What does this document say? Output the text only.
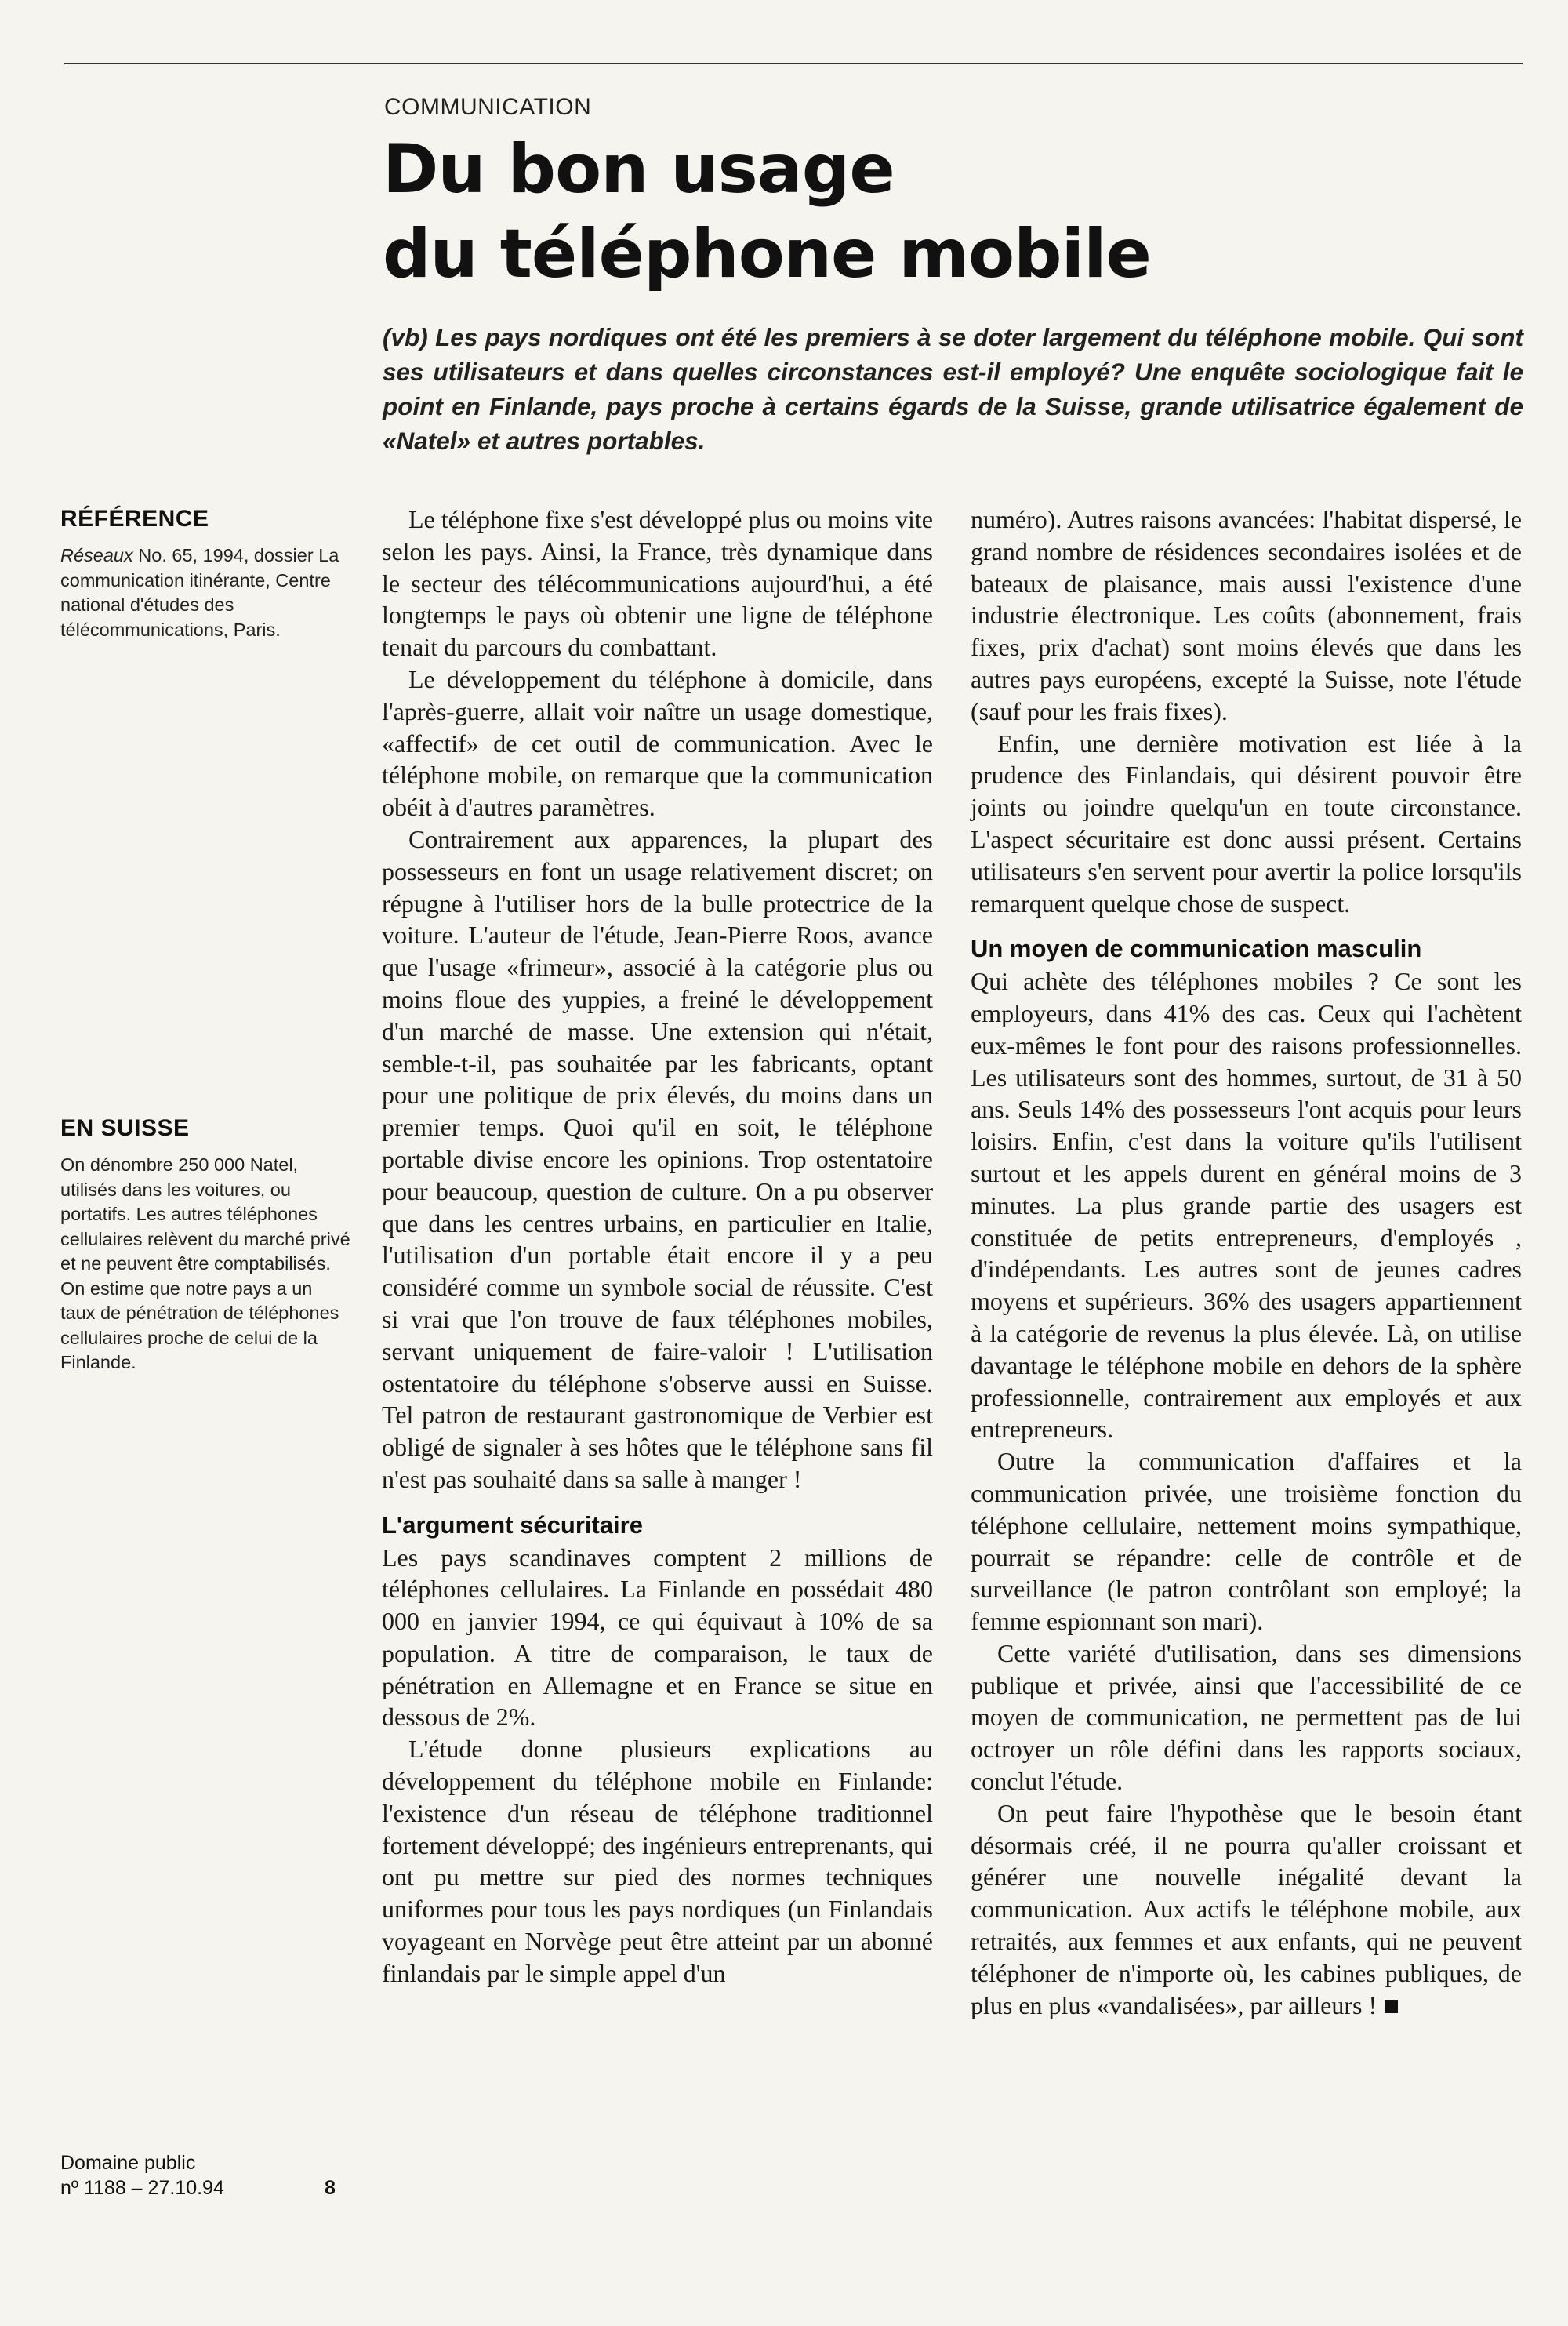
COMMUNICATION
Du bon usage
du téléphone mobile

(vb) Les pays nordiques ont été les premiers à se doter largement du téléphone mobile. Qui sont ses utilisateurs et dans quelles circonstances est-il employé? Une enquête sociologique fait le point en Finlande, pays proche à certains égards de la Suisse, grande utilisatrice également de «Natel» et autres portables.

RÉFÉRENCE

Réseaux No. 65, 1994, dossier La communication itinérante, Centre national d'études des télécommunications, Paris.

EN SUISSE

On dénombre 250 000 Natel, utilisés dans les voitures, ou portatifs. Les autres téléphones cellulaires relèvent du marché privé et ne peuvent être comptabilisés. On estime que notre pays a un taux de pénétration de téléphones cellulaires proche de celui de la Finlande.

Domaine public
nº 1188 – 27.10.94	8

Le téléphone fixe s'est développé plus ou moins vite selon les pays. Ainsi, la France, très dynamique dans le secteur des télécommunications aujourd'hui, a été longtemps le pays où obtenir une ligne de téléphone tenait du parcours du combattant.

Le développement du téléphone à domicile, dans l'après-guerre, allait voir naître un usage domestique, «affectif» de cet outil de communication. Avec le téléphone mobile, on remarque que la communication obéit à d'autres paramètres.

Contrairement aux apparences, la plupart des possesseurs en font un usage relativement discret; on répugne à l'utiliser hors de la bulle protectrice de la voiture. L'auteur de l'étude, Jean-Pierre Roos, avance que l'usage «frimeur», associé à la catégorie plus ou moins floue des yuppies, a freiné le développement d'un marché de masse. Une extension qui n'était, semble-t-il, pas souhaitée par les fabricants, optant pour une politique de prix élevés, du moins dans un premier temps. Quoi qu'il en soit, le téléphone portable divise encore les opinions. Trop ostentatoire pour beaucoup, question de culture. On a pu observer que dans les centres urbains, en particulier en Italie, l'utilisation d'un portable était encore il y a peu considéré comme un symbole social de réussite. C'est si vrai que l'on trouve de faux téléphones mobiles, servant uniquement de faire-valoir ! L'utilisation ostentatoire du téléphone s'observe aussi en Suisse. Tel patron de restaurant gastronomique de Verbier est obligé de signaler à ses hôtes que le téléphone sans fil n'est pas souhaité dans sa salle à manger !

L'argument sécuritaire

Les pays scandinaves comptent 2 millions de téléphones cellulaires. La Finlande en possédait 480 000 en janvier 1994, ce qui équivaut à 10% de sa population. A titre de comparaison, le taux de pénétration en Allemagne et en France se situe en dessous de 2%.

L'étude donne plusieurs explications au développement du téléphone mobile en Finlande: l'existence d'un réseau de téléphone traditionnel fortement développé; des ingénieurs entreprenants, qui ont pu mettre sur pied des normes techniques uniformes pour tous les pays nordiques (un Finlandais voyageant en Norvège peut être atteint par un abonné finlandais par le simple appel d'un

numéro). Autres raisons avancées: l'habitat dispersé, le grand nombre de résidences secondaires isolées et de bateaux de plaisance, mais aussi l'existence d'une industrie électronique. Les coûts (abonnement, frais fixes, prix d'achat) sont moins élevés que dans les autres pays européens, excepté la Suisse, note l'étude (sauf pour les frais fixes).

Enfin, une dernière motivation est liée à la prudence des Finlandais, qui désirent pouvoir être joints ou joindre quelqu'un en toute circonstance. L'aspect sécuritaire est donc aussi présent. Certains utilisateurs s'en servent pour avertir la police lorsqu'ils remarquent quelque chose de suspect.

Un moyen de communication masculin

Qui achète des téléphones mobiles ? Ce sont les employeurs, dans 41% des cas. Ceux qui l'achètent eux-mêmes le font pour des raisons professionnelles. Les utilisateurs sont des hommes, surtout, de 31 à 50 ans. Seuls 14% des possesseurs l'ont acquis pour leurs loisirs. Enfin, c'est dans la voiture qu'ils l'utilisent surtout et les appels durent en général moins de 3 minutes. La plus grande partie des usagers est constituée de petits entrepreneurs, d'employés , d'indépendants. Les autres sont de jeunes cadres moyens et supérieurs. 36% des usagers appartiennent à la catégorie de revenus la plus élevée. Là, on utilise davantage le téléphone mobile en dehors de la sphère professionnelle, contrairement aux employés et aux entrepreneurs.

Outre la communication d'affaires et la communication privée, une troisième fonction du téléphone cellulaire, nettement moins sympathique, pourrait se répandre: celle de contrôle et de surveillance (le patron contrôlant son employé; la femme espionnant son mari).

Cette variété d'utilisation, dans ses dimensions publique et privée, ainsi que l'accessibilité de ce moyen de communication, ne permettent pas de lui octroyer un rôle défini dans les rapports sociaux, conclut l'étude.

On peut faire l'hypothèse que le besoin étant désormais créé, il ne pourra qu'aller croissant et générer une nouvelle inégalité devant la communication. Aux actifs le téléphone mobile, aux retraités, aux femmes et aux enfants, qui ne peuvent téléphoner de n'importe où, les cabines publiques, de plus en plus «vandalisées», par ailleurs !
